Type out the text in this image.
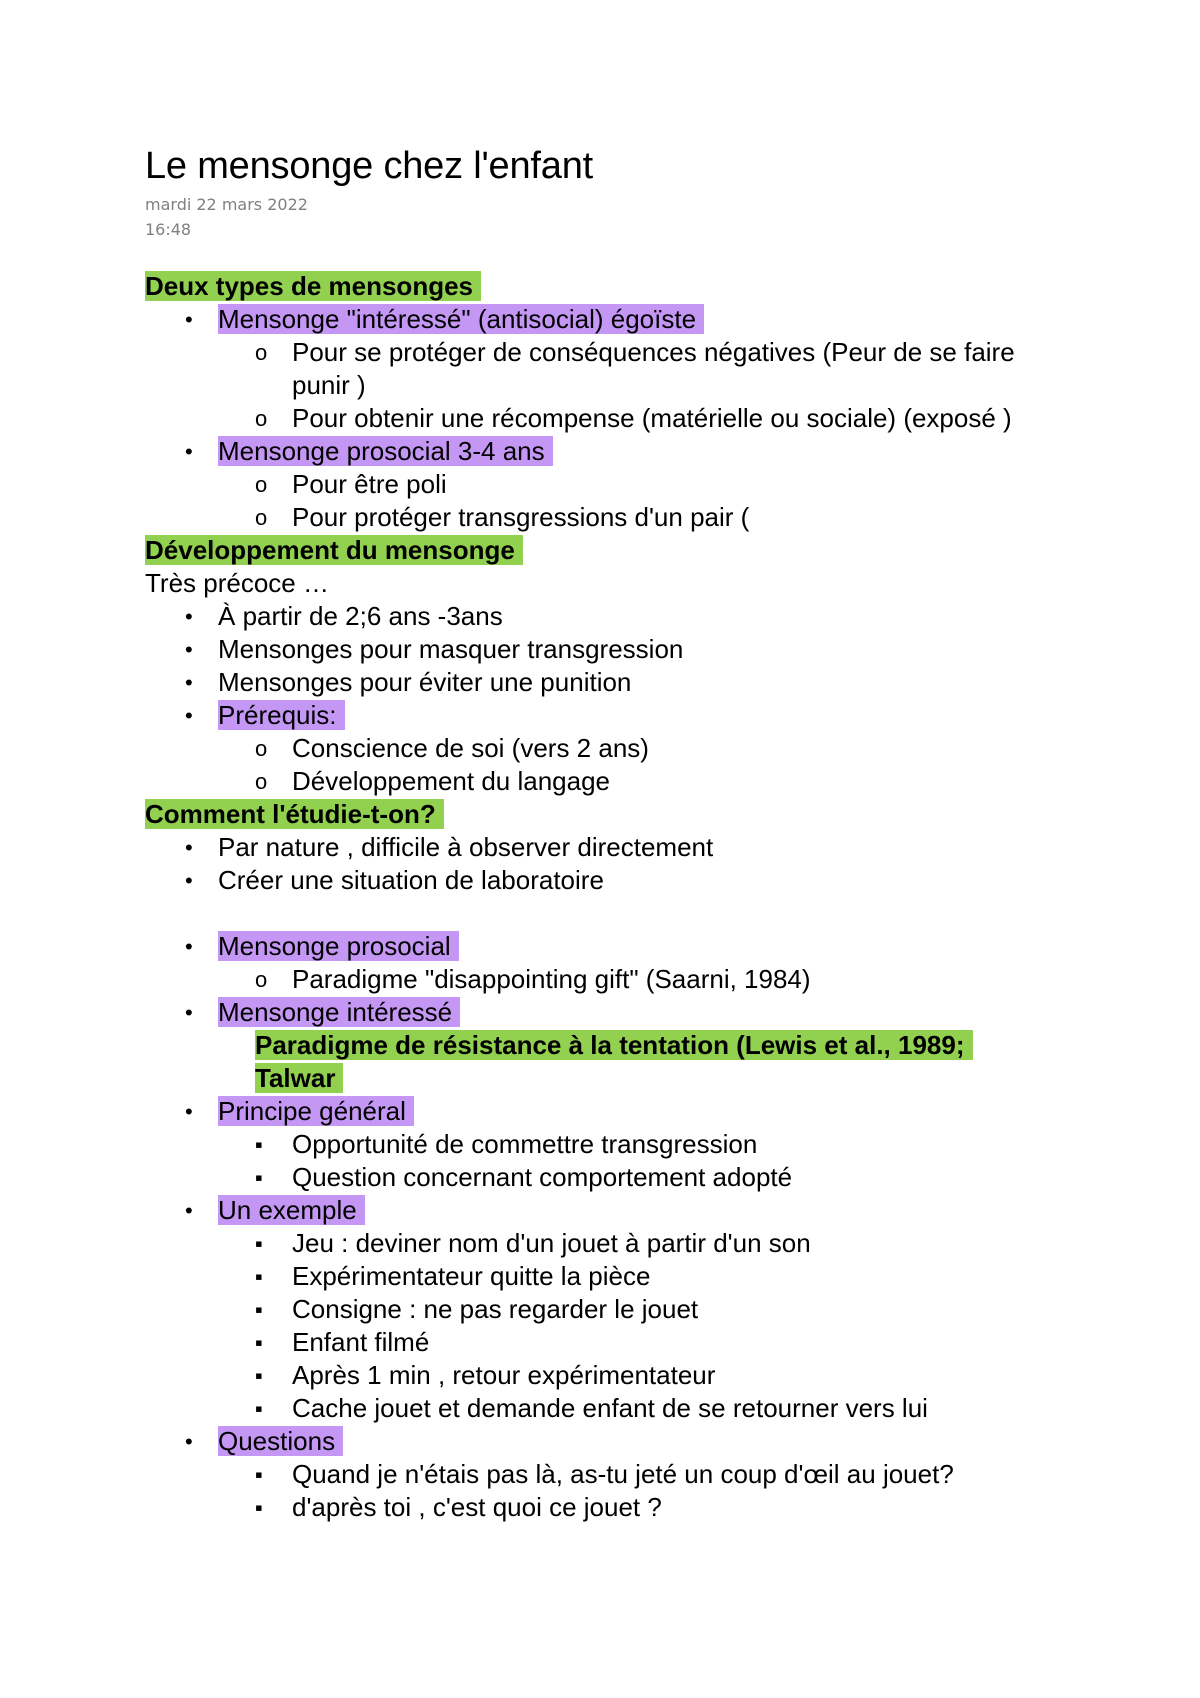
Le mensonge chez l'enfant
mardi 22 mars 2022
16:48
Deux types de mensonges
•
Mensonge "intéressé" (antisocial) égoïste
o
Pour se protéger de conséquences négatives (Peur de se faire punir )
o
Pour obtenir une récompense (matérielle ou sociale) (exposé )
•
Mensonge prosocial 3-4 ans
o
Pour être poli
o
Pour protéger transgressions d'un pair (
Développement du mensonge
Très précoce …
•
À partir de 2;6 ans -3ans
•
Mensonges pour masquer transgression
•
Mensonges pour éviter une punition
•
Prérequis:
o
Conscience de soi (vers 2 ans)
o
Développement du langage
Comment l'étudie-t-on?
•
Par nature , difficile à observer directement
•
Créer une situation de laboratoire
•
Mensonge prosocial
o
Paradigme "disappointing gift" (Saarni, 1984)
•
Mensonge intéressé
Paradigme de résistance à la tentation (Lewis et al., 1989; Talwar
•
Principe général
▪
Opportunité de commettre transgression
▪
Question concernant comportement adopté
•
Un exemple
▪
Jeu : deviner nom d'un jouet à partir d'un son
▪
Expérimentateur quitte la pièce
▪
Consigne : ne pas regarder le jouet
▪
Enfant filmé
▪
Après 1 min , retour expérimentateur
▪
Cache jouet et demande enfant de se retourner vers lui
•
Questions
▪
Quand je n'étais pas là, as-tu jeté un coup d'œil au jouet?
▪
d'après toi , c'est quoi ce jouet ?
